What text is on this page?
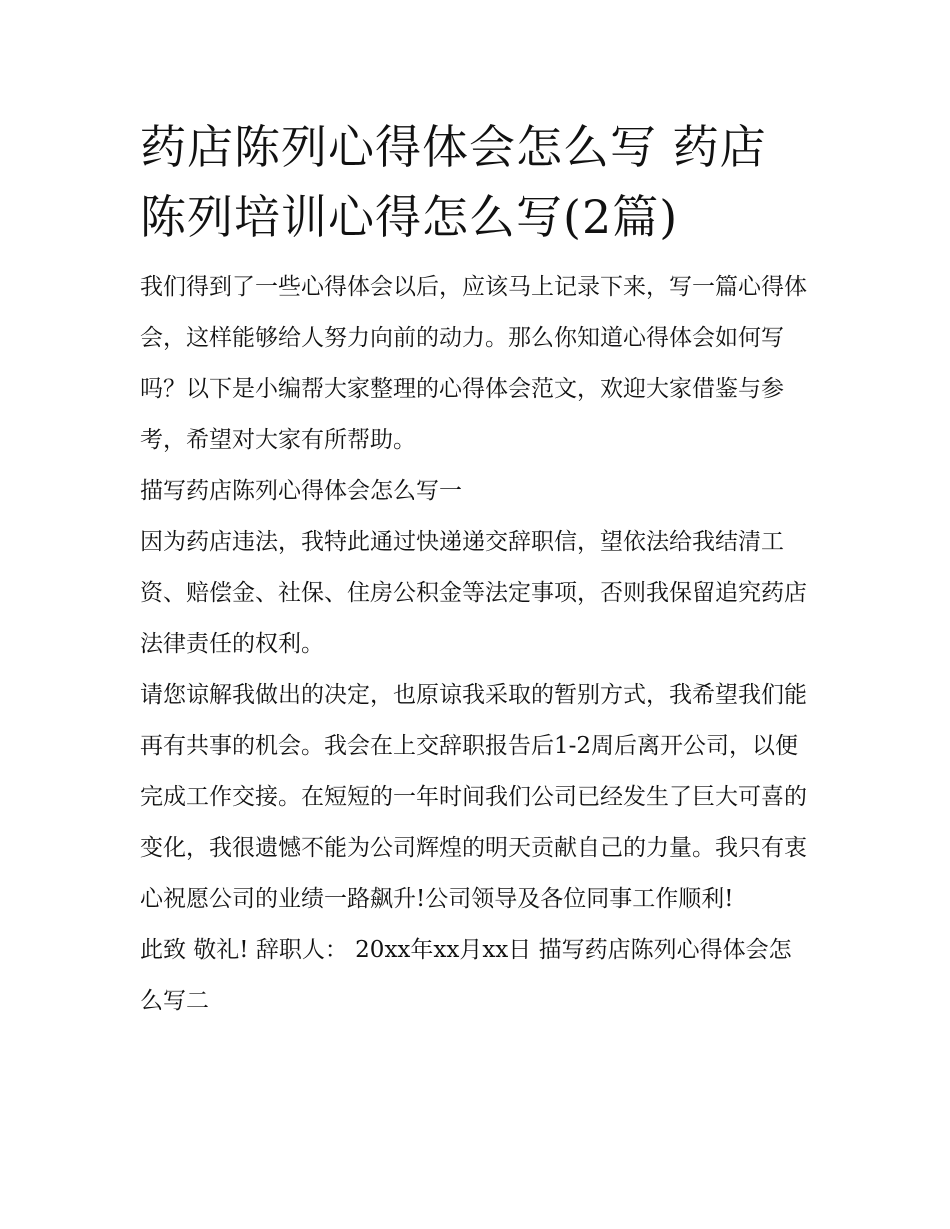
药店陈列心得体会怎么写 药店陈列培训心得怎么写(2篇)

我们得到了一些心得体会以后，应该马上记录下来，写一篇心得体会，这样能够给人努力向前的动力。那么你知道心得体会如何写吗？以下是小编帮大家整理的心得体会范文，欢迎大家借鉴与参考，希望对大家有所帮助。

描写药店陈列心得体会怎么写一

因为药店违法，我特此通过快递递交辞职信，望依法给我结清工资、赔偿金、社保、住房公积金等法定事项，否则我保留追究药店法律责任的权利。

请您谅解我做出的决定，也原谅我采取的暂别方式，我希望我们能再有共事的机会。我会在上交辞职报告后1-2周后离开公司，以便完成工作交接。在短短的一年时间我们公司已经发生了巨大可喜的变化，我很遗憾不能为公司辉煌的明天贡献自己的力量。我只有衷心祝愿公司的业绩一路飙升!公司领导及各位同事工作顺利!

此致 敬礼! 辞职人： 20xx年xx月xx日 描写药店陈列心得体会怎么写二
